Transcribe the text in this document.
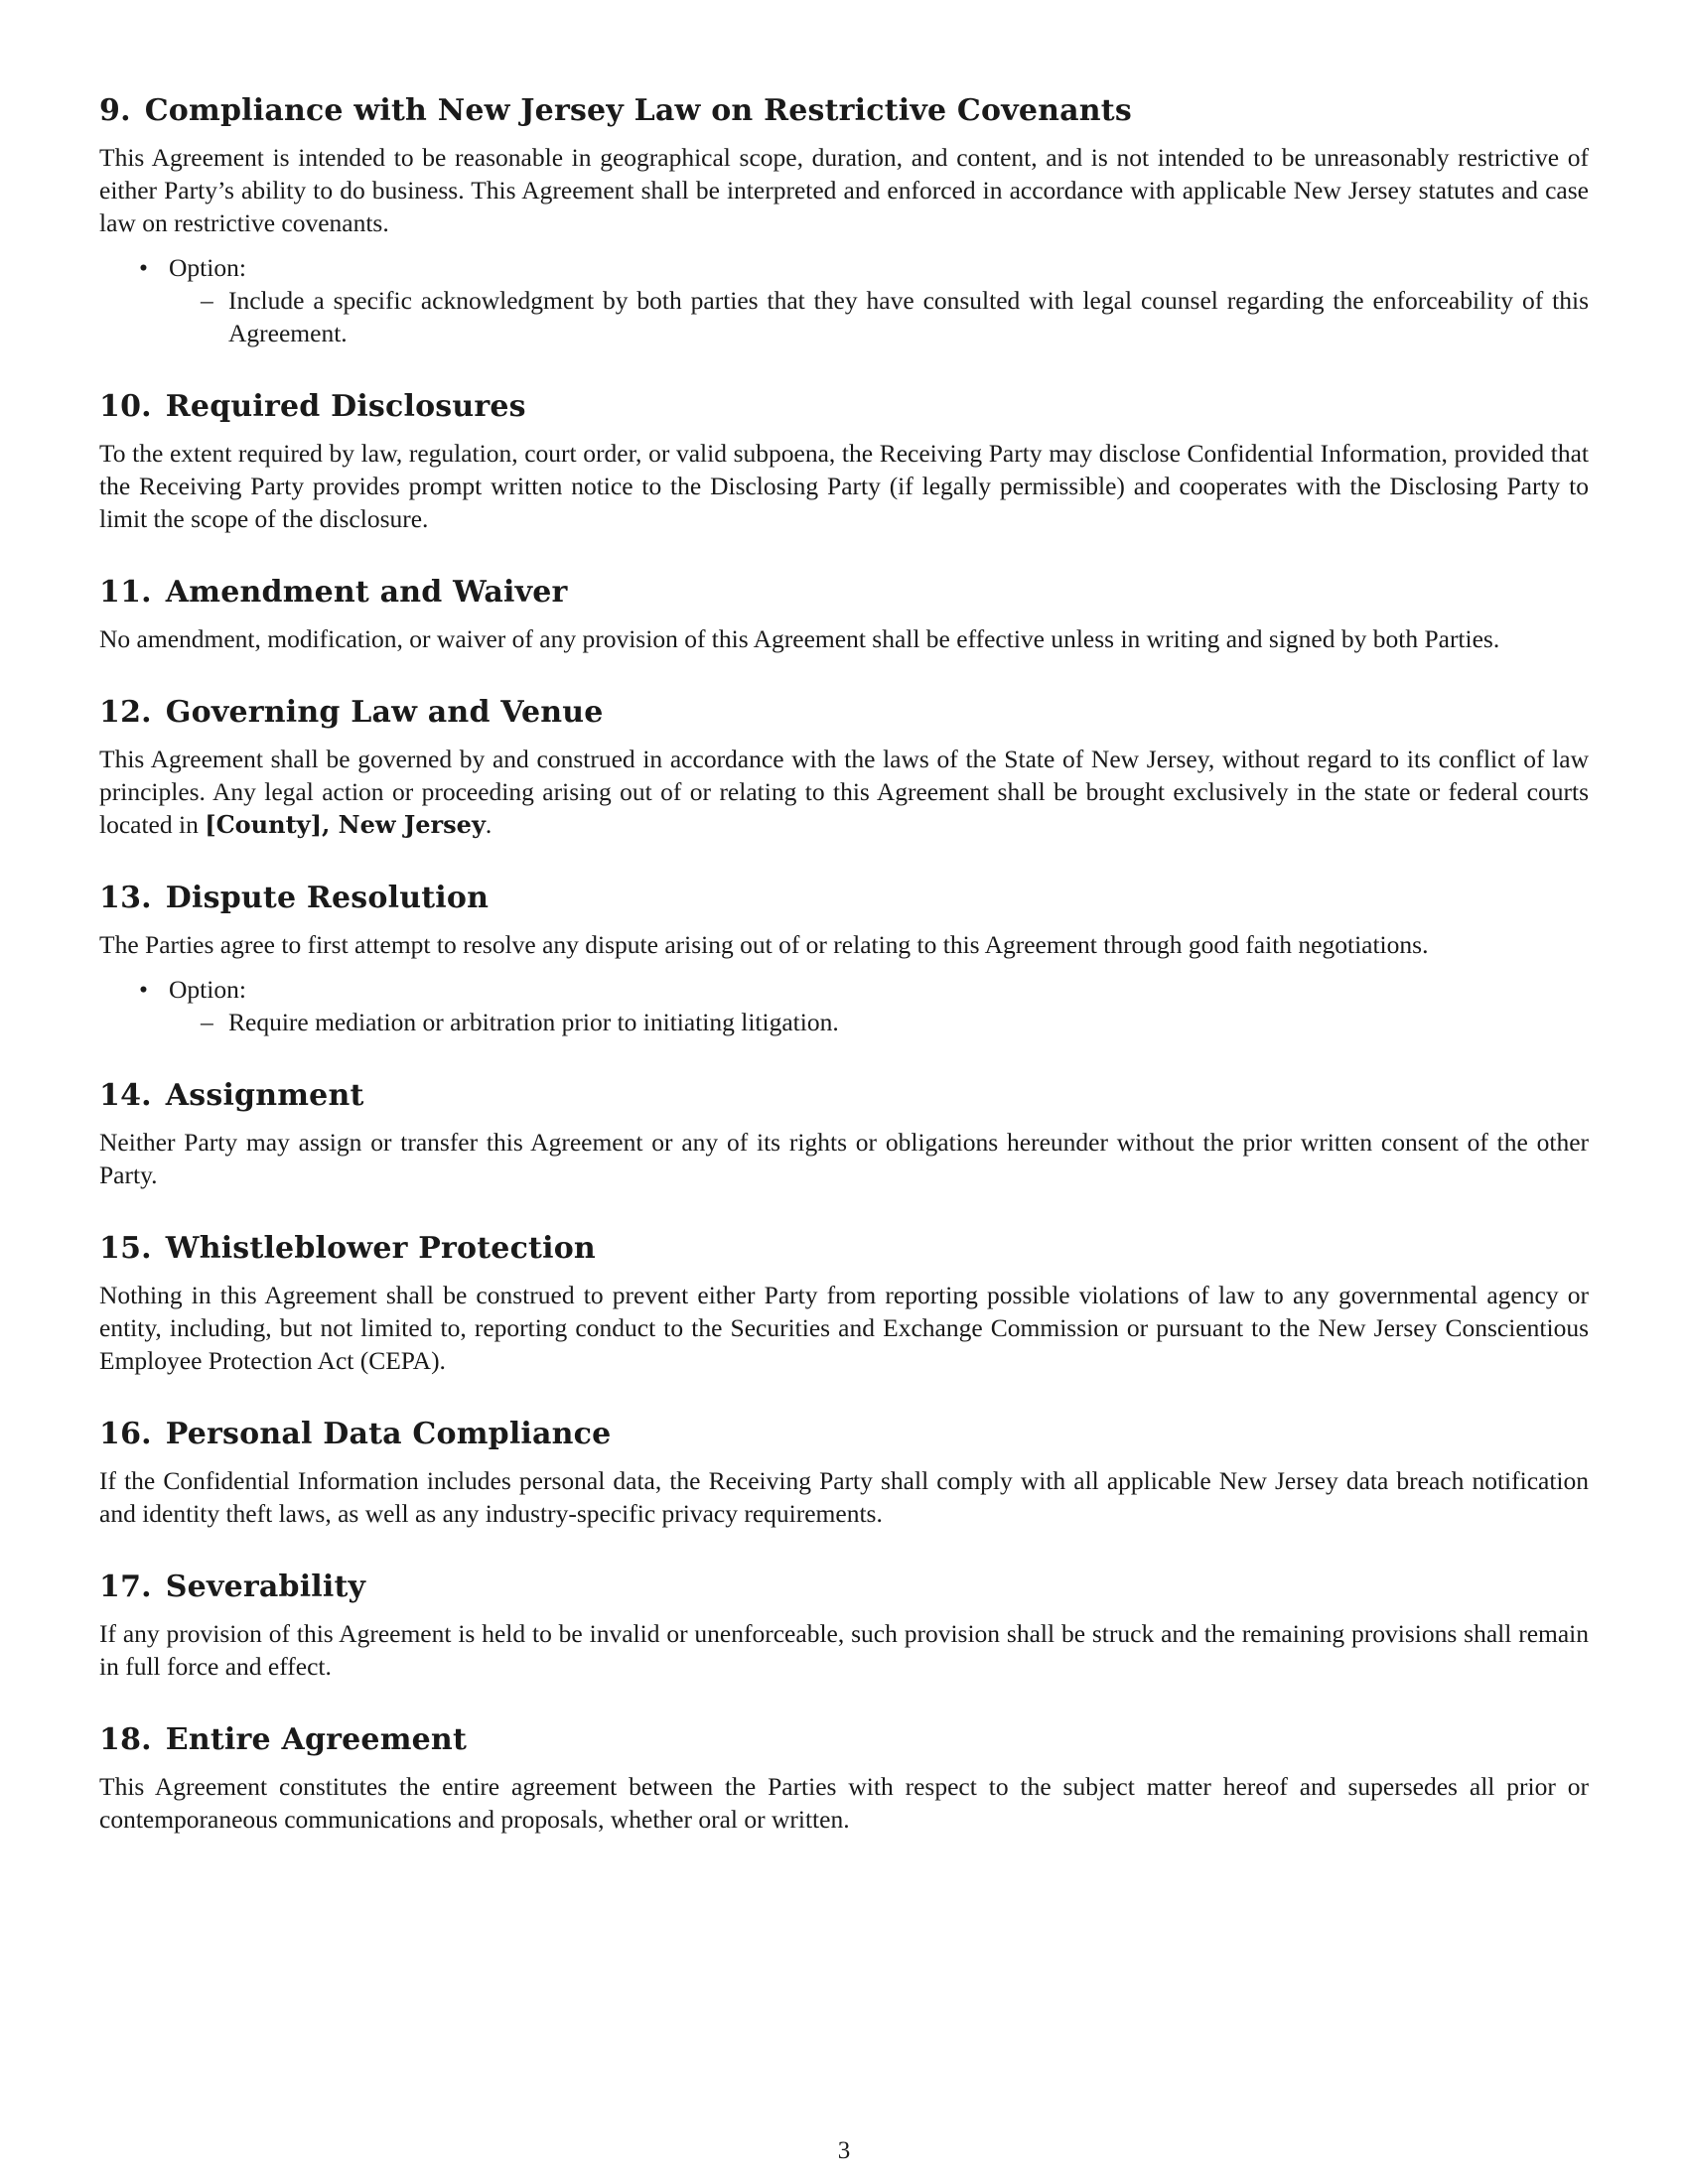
9. Compliance with New Jersey Law on Restrictive Covenants

This Agreement is intended to be reasonable in geographical scope, duration, and content, and is not intended to be unreasonably restrictive of either Party’s ability to do business. This Agreement shall be interpreted and enforced in accordance with applicable New Jersey statutes and case law on restrictive covenants.

• Option:
– Include a specific acknowledgment by both parties that they have consulted with legal counsel regarding the enforceability of this Agreement.
10. Required Disclosures

To the extent required by law, regulation, court order, or valid subpoena, the Receiving Party may disclose Confidential Information, provided that the Receiving Party provides prompt written notice to the Disclosing Party (if legally permissible) and cooperates with the Disclosing Party to limit the scope of the disclosure.

11. Amendment and Waiver

No amendment, modification, or waiver of any provision of this Agreement shall be effective unless in writing and signed by both Parties.

12. Governing Law and Venue

This Agreement shall be governed by and construed in accordance with the laws of the State of New Jersey, without regard to its conflict of law principles. Any legal action or proceeding arising out of or relating to this Agreement shall be brought exclusively in the state or federal courts located in [County], New Jersey.

13. Dispute Resolution

The Parties agree to first attempt to resolve any dispute arising out of or relating to this Agreement through good faith negotiations.

• Option:
– Require mediation or arbitration prior to initiating litigation.
14. Assignment

Neither Party may assign or transfer this Agreement or any of its rights or obligations hereunder without the prior written consent of the other Party.

15. Whistleblower Protection

Nothing in this Agreement shall be construed to prevent either Party from reporting possible violations of law to any governmental agency or entity, including, but not limited to, reporting conduct to the Securities and Exchange Commission or pursuant to the New Jersey Conscientious Employee Protection Act (CEPA).

16. Personal Data Compliance

If the Confidential Information includes personal data, the Receiving Party shall comply with all applicable New Jersey data breach notification and identity theft laws, as well as any industry-specific privacy requirements.

17. Severability

If any provision of this Agreement is held to be invalid or unenforceable, such provision shall be struck and the remaining provisions shall remain in full force and effect.

18. Entire Agreement

This Agreement constitutes the entire agreement between the Parties with respect to the subject matter hereof and supersedes all prior or contemporaneous communications and proposals, whether oral or written.

3
